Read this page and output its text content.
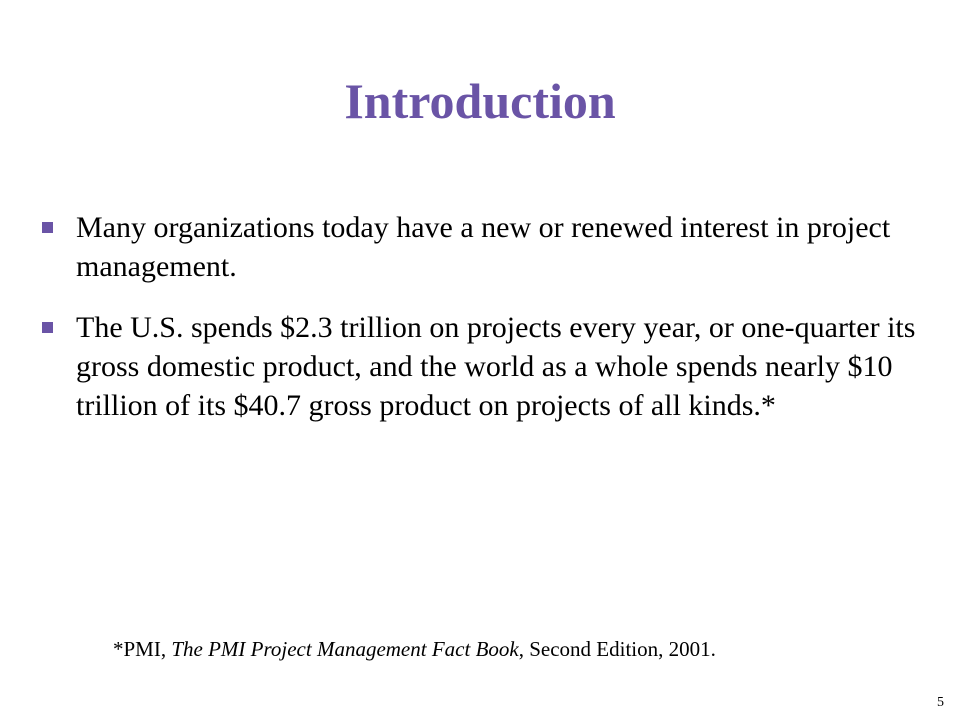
Introduction
Many organizations today have a new or renewed interest in project management.
The U.S. spends $2.3 trillion on projects every year, or one-quarter its gross domestic product, and the world as a whole spends nearly $10 trillion of its $40.7 gross product on projects of all kinds.*
*PMI, The PMI Project Management Fact Book, Second Edition, 2001.
5
